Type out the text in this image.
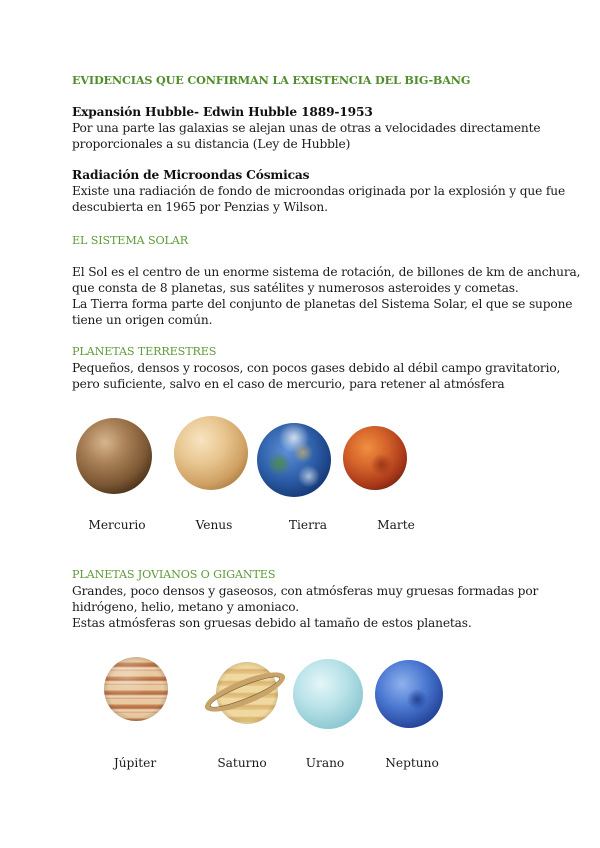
EVIDENCIAS QUE CONFIRMAN LA EXISTENCIA DEL BIG-BANG
Expansión Hubble- Edwin Hubble 1889-1953
Por una parte las galaxias se alejan unas de otras a velocidades directamente
proporcionales a su distancia (Ley de Hubble)
Radiación de Microondas Cósmicas
Existe una radiación de fondo de microondas originada por la explosión y que fue
descubierta en 1965 por Penzias y Wilson.
EL SISTEMA SOLAR
El Sol es el centro de un enorme sistema de rotación, de billones de km de anchura,
que consta de 8 planetas, sus satélites y numerosos asteroides y cometas.
La Tierra forma parte del conjunto de planetas del Sistema Solar, el que se supone
tiene un origen común.
PLANETAS TERRESTRES
Pequeños, densos y rocosos, con pocos gases debido al débil campo gravitatorio,
pero suficiente, salvo en el caso de mercurio, para retener al atmósfera
Mercurio	Venus	Tierra	Marte
PLANETAS JOVIANOS O GIGANTES
Grandes, poco densos y gaseosos, con atmósferas muy gruesas formadas por
hidrógeno, helio, metano y amoniaco.
Estas atmósferas son gruesas debido al tamaño de estos planetas.
Júpiter	Saturno	Urano	Neptuno
